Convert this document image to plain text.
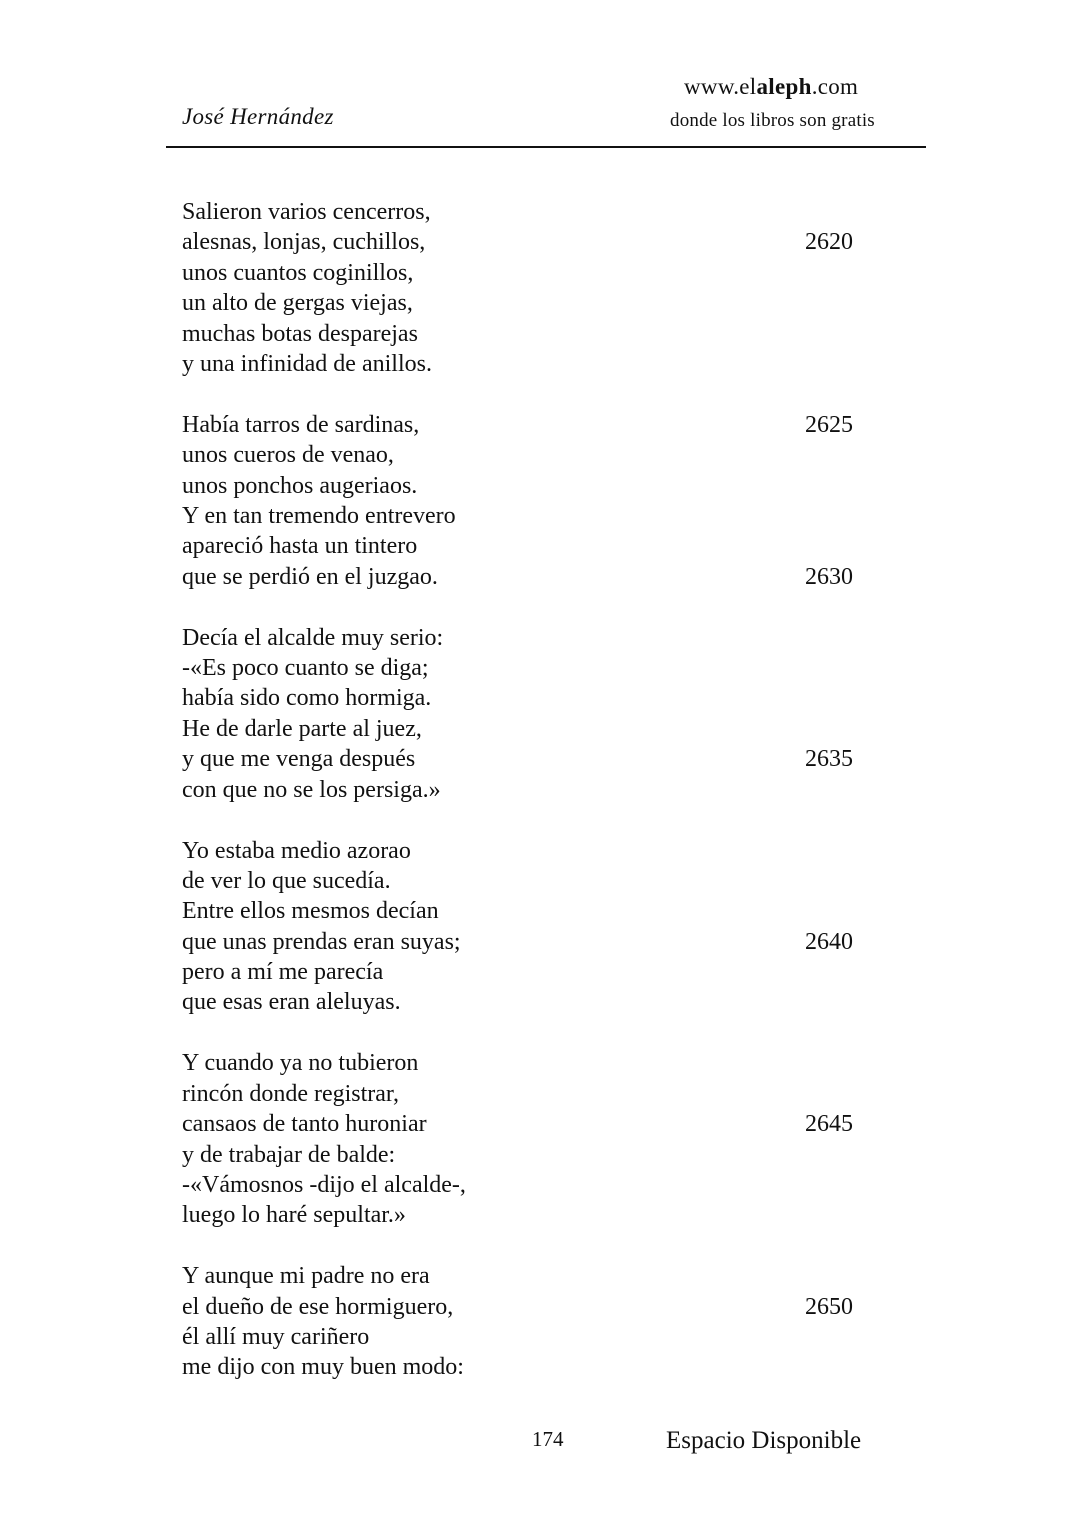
José Hernández
www.elaleph.com
donde los libros son gratis
Salieron varios cencerros,
alesnas, lonjas, cuchillos,	2620
unos cuantos coginillos,
un alto de gergas viejas,
muchas botas desparejas
y una infinidad de anillos.
Había tarros de sardinas,	2625
unos cueros de venao,
unos ponchos augeriaos.
Y en tan tremendo entrevero
apareció hasta un tintero
que se perdió en el juzgao.	2630
Decía el alcalde muy serio:
-«Es poco cuanto se diga;
había sido como hormiga.
He de darle parte al juez,
y que me venga después	2635
con que no se los persiga.»
Yo estaba medio azorao
de ver lo que sucedía.
Entre ellos mesmos decían
que unas prendas eran suyas;	2640
pero a mí me parecía
que esas eran aleluyas.
Y cuando ya no tubieron
rincón donde registrar,
cansaos de tanto huroniar	2645
y de trabajar de balde:
-«Vámosnos -dijo el alcalde-,
luego lo haré sepultar.»
Y aunque mi padre no era
el dueño de ese hormiguero,	2650
él allí muy cariñero
me dijo con muy buen modo:
174	Espacio Disponible
